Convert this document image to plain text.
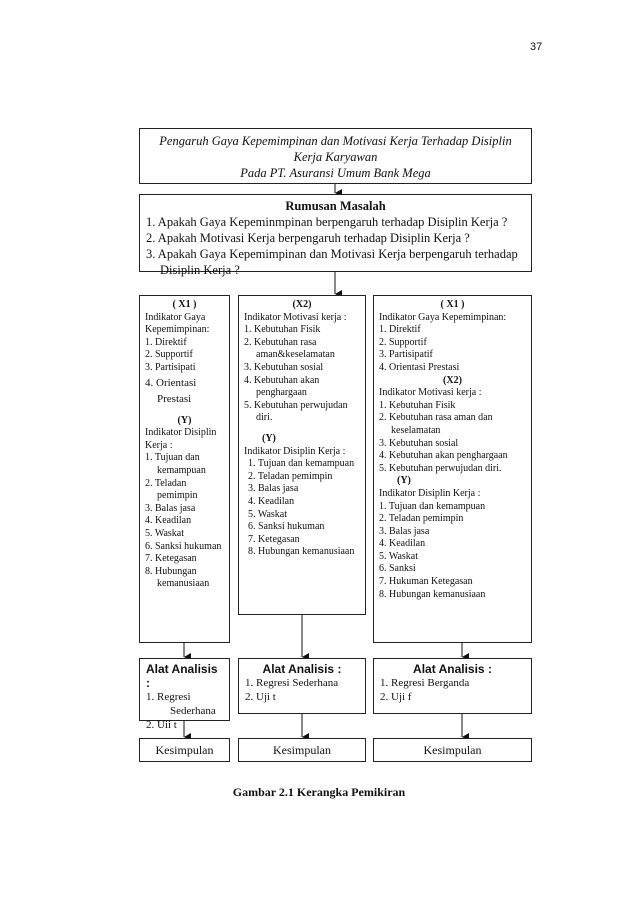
37
Pengaruh Gaya Kepemimpinan dan Motivasi Kerja Terhadap Disiplin
Kerja Karyawan
Pada PT. Asuransi Umum Bank Mega
Rumusan Masalah
1. Apakah Gaya Kepeminmpinan berpengaruh terhadap Disiplin Kerja ?
2. Apakah Motivasi Kerja berpengaruh terhadap Disiplin Kerja ?
3. Apakah Gaya Kepemimpinan dan Motivasi Kerja berpengaruh terhadap Disiplin Kerja ?
( X1 )
Indikator Gaya Kepemimpinan:
1. Direktif
2. Supportif
3. Partisipati
4. Orientasi Prestasi
(Y)
Indikator Disiplin Kerja :
1. Tujuan dan kemampuan
2. Teladan pemimpin
3. Balas jasa
4. Keadilan
5. Waskat
6. Sanksi hukuman
7. Ketegasan
8. Hubungan kemanusiaan
(X2)
Indikator Motivasi kerja :
1. Kebutuhan Fisik
2. Kebutuhan rasa aman&keselamatan
3. Kebutuhan sosial
4. Kebutuhan akan penghargaan
5. Kebutuhan perwujudan diri.
(Y)
Indikator Disiplin Kerja :
1. Tujuan dan kemampuan
2. Teladan pemimpin
3. Balas jasa
4. Keadilan
5. Waskat
6. Sanksi hukuman
7. Ketegasan
8. Hubungan kemanusiaan
( X1 )
Indikator Gaya Kepemimpinan:
1. Direktif
2. Supportif
3. Partisipatif
4. Orientasi Prestasi
(X2)
Indikator Motivasi kerja :
1. Kebutuhan Fisik
2. Kebutuhan rasa aman dan keselamatan
3. Kebutuhan sosial
4. Kebutuhan akan penghargaan
5. Kebutuhan perwujudan diri.
(Y)
Indikator Disiplin Kerja :
1. Tujuan dan kemampuan
2. Teladan pemimpin
3. Balas jasa
4. Keadilan
5. Waskat
6. Sanksi
7. Hukuman Ketegasan
8. Hubungan kemanusiaan
Alat Analisis :
1. Regresi Sederhana
2. Uii t
Alat Analisis :
1. Regresi Sederhana
2. Uji t
Alat Analisis :
1. Regresi Berganda
2. Uji f
Kesimpulan	Kesimpulan	Kesimpulan
Gambar 2.1 Kerangka Pemikiran
